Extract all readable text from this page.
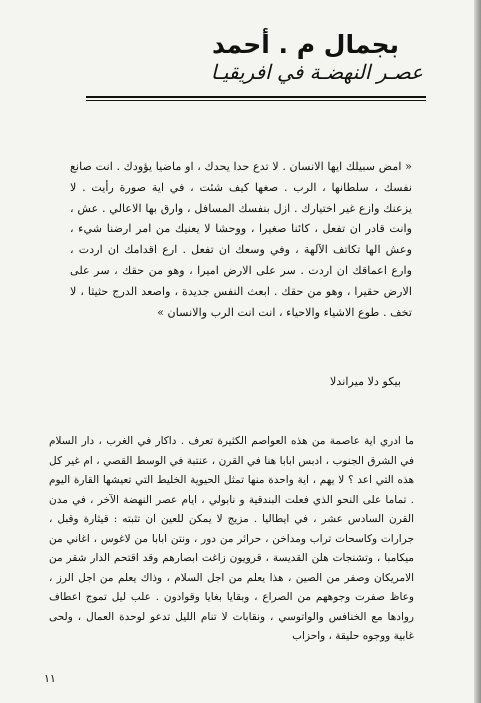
بجمال م . أحمد
عصـر النهضـة في افريقيـا

« امض سبيلك ايها الانسان . لا تدع حدا يحدك ، او ماضيا يؤودك . انت صانع نفسك ، سلطانها ، الرب . صغها كيف شئت ، في اية صورة رأيت . لا يزعنك وازع غير اختيارك . ازل بنفسك المسافل ، وارق بها الاعالي . عش ، وانت قادر ان تفعل ، كائنا صغيرا ، ووحشا لا يعنيك من امر ارضنا شيء ، وعش الها تكاتف الآلهة ، وفي وسعك ان تفعل . ارع اقدامك ان اردت ، وارع اعماقك ان اردت . سر على الارض اميرا ، وهو من حقك ، سر على الارض حقيرا ، وهو من حقك . ابعث النفس جديدة ، واصعد الدرج حثيثا ، لا تخف . طوع الاشياء والاحياء ، انت انت الرب والانسان »

بيكو دلا ميراندلا

ما ادري اية عاصمة من هذه العواصم الكثيرة تعرف . داكار في الغرب ، دار السلام في الشرق الجنوب ، ادبس ابابا هنا في القرن ، عنتبة في الوسط القصي ، ام غير كل هذه التي اعد ؟ لا يهم ، اية واحدة منها تمثل الحيوية الخليط التي تعيشها القارة اليوم . تماما على النحو الذي فعلت البندقية و نابولي ، ايام عصر النهضة الآخر ، في مدن القرن السادس عشر ، في ايطاليا . مزيج لا يمكن للعين ان تثبته : قيثارة وقبل ، جرارات وكاسحات تراب ومداخن ، حرائر من دور ، ونتن ابابا من لاغوس ، اغاني من ميكامبا ، وتشنجات هلن القديسة ، قرويون زاغت ابصارهم وقد اقتحم الدار شقر من الامريكان وصفر من الصين ، هذا يعلم من اجل السلام ، وذاك يعلم من اجل الرز ، وعاظ صفرت وجوههم من الصراع ، وبقايا بغايا وقوادون . علب ليل تموج اعطاف روادها مع الخنافس والواتوسي ، ونقابات لا تنام الليل تدعو لوحدة العمال ، ولحى غابية ووجوه حليقة ، واحزاب

١١
